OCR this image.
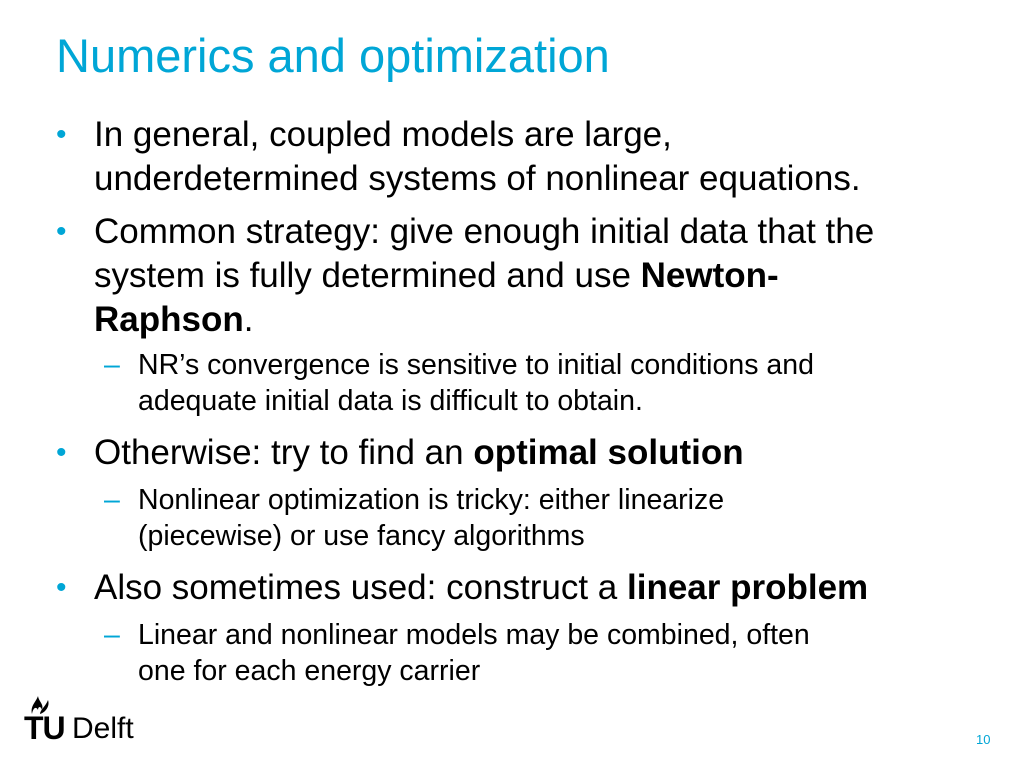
Numerics and optimization
• In general, coupled models are large,
underdetermined systems of nonlinear equations.
• Common strategy: give enough initial data that the
system is fully determined and use Newton-
Raphson.
– NR’s convergence is sensitive to initial conditions and
adequate initial data is difficult to obtain.
• Otherwise: try to find an optimal solution
– Nonlinear optimization is tricky: either linearize
(piecewise) or use fancy algorithms
• Also sometimes used: construct a linear problem
– Linear and nonlinear models may be combined, often
one for each energy carrier
TU Delft	10
